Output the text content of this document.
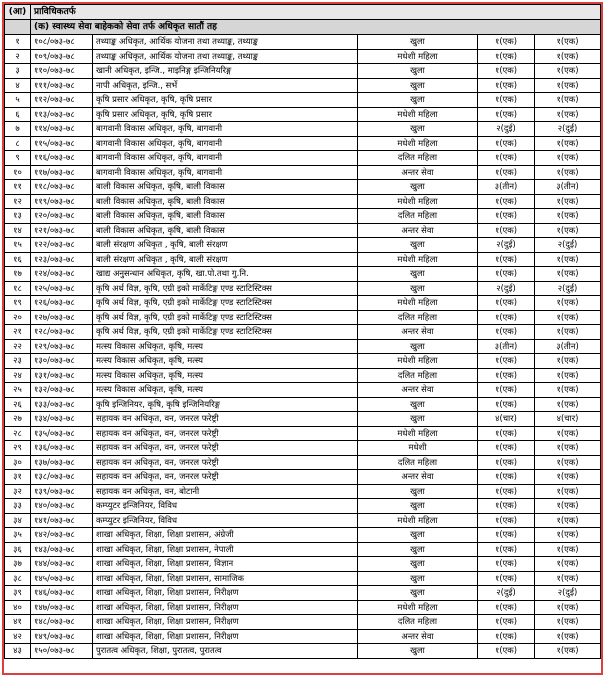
(आ)	प्राविधिकतर्फ				
	(क) स्वास्थ्य सेवा बाहेकको सेवा तर्फ अधिकृत सातौं तह				
१	१०८/०७३-७८	तथ्याङ्क अधिकृत, आर्थिक योजना तथा तथ्याङ्क, तथ्याङ्क	खुला	१(एक)	१(एक)
२	१०९/०७३-७८	तथ्याङ्क अधिकृत, आर्थिक योजना तथा तथ्याङ्क, तथ्याङ्क	मधेशी महिला	१(एक)	१(एक)
३	११०/०७३-७८	खानी अधिकृत, इन्जि., माइनिङ्ग इन्जिनियरिङ्ग	खुला	१(एक)	१(एक)
४	१११/०७३-७८	नापी अधिकृत, इन्जि., सर्भे	खुला	१(एक)	१(एक)
५	११२/०७३-७८	कृषि प्रसार अधिकृत, कृषि, कृषि प्रसार	खुला	१(एक)	१(एक)
६	११३/०७३-७८	कृषि प्रसार अधिकृत, कृषि, कृषि प्रसार	मधेशी महिला	१(एक)	१(एक)
७	११४/०७३-७८	बागवानी विकास अधिकृत, कृषि, बागवानी	खुला	२(दुई)	२(दुई)
८	११५/०७३-७८	बागवानी विकास अधिकृत, कृषि, बागवानी	मधेशी महिला	१(एक)	१(एक)
९	११६/०७३-७८	बागवानी विकास अधिकृत, कृषि, बागवानी	दलित महिला	१(एक)	१(एक)
१०	११७/०७३-७८	बागवानी विकास अधिकृत, कृषि, बागवानी	अन्तर सेवा	१(एक)	१(एक)
११	११८/०७३-७८	बाली विकास अधिकृत, कृषि, बाली विकास	खुला	३(तीन)	३(तीन)
१२	११९/०७३-७८	बाली विकास अधिकृत, कृषि, बाली विकास	मधेशी महिला	१(एक)	१(एक)
१३	१२०/०७३-७८	बाली विकास अधिकृत, कृषि, बाली विकास	दलित महिला	१(एक)	१(एक)
१४	१२१/०७३-७८	बाली विकास अधिकृत, कृषि, बाली विकास	अन्तर सेवा	१(एक)	१(एक)
१५	१२२/०७३-७८	बाली संरक्षण अधिकृत , कृषि, बाली संरक्षण	खुला	२(दुई)	२(दुई)
१६	१२३/०७३-७८	बाली संरक्षण अधिकृत , कृषि, बाली संरक्षण	मधेशी महिला	१(एक)	१(एक)
१७	१२४/०७३-७८	खाद्य अनुसन्धान अधिकृत, कृषि, खा.पो.तथा गु.नि.	खुला	१(एक)	१(एक)
१८	१२५/०७३-७८	कृषि अर्थ विज्ञ, कृषि, एग्री इको मार्केटिङ्ग एण्ड स्टाटिस्टिक्स	खुला	२(दुई)	२(दुई)
१९	१२६/०७३-७८	कृषि अर्थ विज्ञ, कृषि, एग्री इको मार्केटिङ्ग एण्ड स्टाटिस्टिक्स	मधेशी महिला	१(एक)	१(एक)
२०	१२७/०७३-७८	कृषि अर्थ विज्ञ, कृषि, एग्री इको मार्केटिङ्ग एण्ड स्टाटिस्टिक्स	दलित महिला	१(एक)	१(एक)
२१	१२८/०७३-७८	कृषि अर्थ विज्ञ, कृषि, एग्री इको मार्केटिङ्ग एण्ड स्टाटिस्टिक्स	अन्तर सेवा	१(एक)	१(एक)
२२	१२९/०७३-७८	मत्स्य विकास अधिकृत, कृषि, मत्स्य	खुला	३(तीन)	३(तीन)
२३	१३०/०७३-७८	मत्स्य विकास अधिकृत, कृषि, मत्स्य	मधेशी महिला	१(एक)	१(एक)
२४	१३१/०७३-७८	मत्स्य विकास अधिकृत, कृषि, मत्स्य	दलित महिला	१(एक)	१(एक)
२५	१३२/०७३-७८	मत्स्य विकास अधिकृत, कृषि, मत्स्य	अन्तर सेवा	१(एक)	१(एक)
२६	१३३/०७३-७८	कृषि इन्जिनियर, कृषि, कृषि इन्जिनियरिङ्ग	खुला	१(एक)	१(एक)
२७	१३४/०७३-७८	सहायक वन अधिकृत, वन, जनरल फरेष्ट्री	खुला	४(चार)	४(चार)
२८	१३५/०७३-७८	सहायक वन अधिकृत, वन, जनरल फरेष्ट्री	मधेशी महिला	१(एक)	१(एक)
२९	१३६/०७३-७८	सहायक वन अधिकृत, वन, जनरल फरेष्ट्री	मधेशी	१(एक)	१(एक)
३०	१३७/०७३-७८	सहायक वन अधिकृत, वन, जनरल फरेष्ट्री	दलित महिला	१(एक)	१(एक)
३१	१३८/०७३-७८	सहायक वन अधिकृत, वन, जनरल फरेष्ट्री	अन्तर सेवा	१(एक)	१(एक)
३२	१३९/०७३-७८	सहायक वन अधिकृत, वन, बोटानी	खुला	१(एक)	१(एक)
३३	१४०/०७३-७८	कम्प्युटर इन्जिनियर, विविध	खुला	१(एक)	१(एक)
३४	१४१/०७३-७८	कम्प्युटर इन्जिनियर, विविध	मधेशी महिला	१(एक)	१(एक)
३५	१४२/०७३-७८	शाखा अधिकृत, शिक्षा, शिक्षा प्रशासन, अंग्रेजी	खुला	१(एक)	१(एक)
३६	१४३/०७३-७८	शाखा अधिकृत, शिक्षा, शिक्षा प्रशासन, नेपाली	खुला	१(एक)	१(एक)
३७	१४४/०७३-७८	शाखा अधिकृत, शिक्षा, शिक्षा प्रशासन, विज्ञान	खुला	१(एक)	१(एक)
३८	१४५/०७३-७८	शाखा अधिकृत, शिक्षा, शिक्षा प्रशासन, सामाजिक	खुला	१(एक)	१(एक)
३९	१४६/०७३-७८	शाखा अधिकृत, शिक्षा, शिक्षा प्रशासन, निरीक्षण	खुला	२(दुई)	२(दुई)
४०	१४७/०७३-७८	शाखा अधिकृत, शिक्षा, शिक्षा प्रशासन, निरीक्षण	मधेशी महिला	१(एक)	१(एक)
४१	१४८/०७३-७८	शाखा अधिकृत, शिक्षा, शिक्षा प्रशासन, निरीक्षण	दलित महिला	१(एक)	१(एक)
४२	१४९/०७३-७८	शाखा अधिकृत, शिक्षा, शिक्षा प्रशासन, निरीक्षण	अन्तर सेवा	१(एक)	१(एक)
४३	१५०/०७३-७८	पुरातत्व अधिकृत, शिक्षा, पुरातत्व, पुरातत्व	खुला	१(एक)	१(एक)
